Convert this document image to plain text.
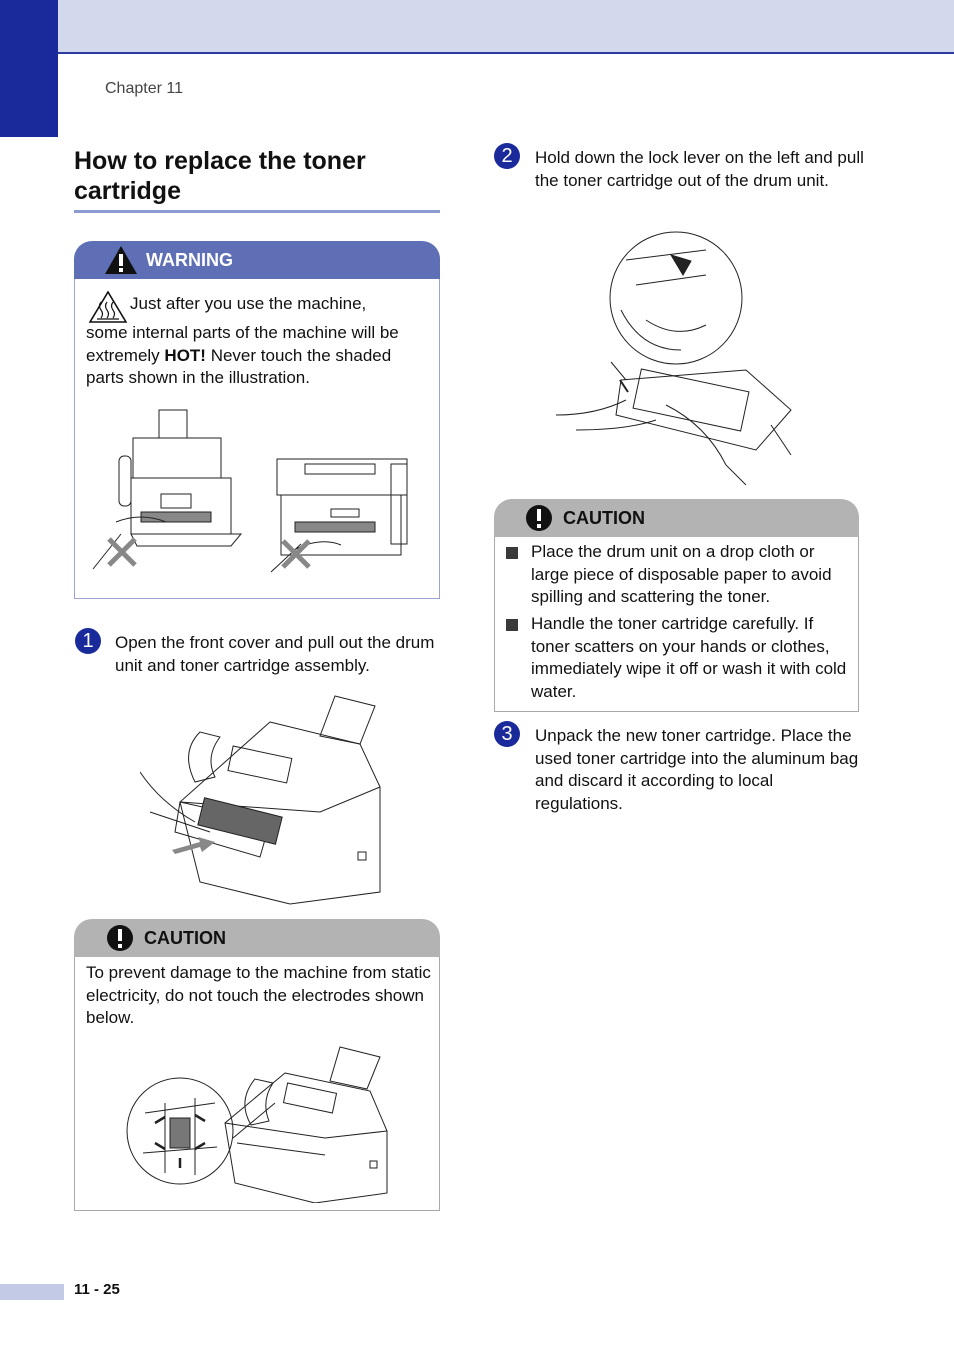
Chapter 11
How to replace the toner cartridge
WARNING
Just after you use the machine,
some internal parts of the machine will be extremely HOT! Never touch the shaded parts shown in the illustration.
1	Open the front cover and pull out the drum unit and toner cartridge assembly.
CAUTION
To prevent damage to the machine from static electricity, do not touch the electrodes shown below.
2	Hold down the lock lever on the left and pull the toner cartridge out of the drum unit.
CAUTION
Place the drum unit on a drop cloth or large piece of disposable paper to avoid spilling and scattering the toner.
Handle the toner cartridge carefully. If toner scatters on your hands or clothes, immediately wipe it off or wash it with cold water.
3	Unpack the new toner cartridge. Place the used toner cartridge into the aluminum bag and discard it according to local regulations.
11 - 25
